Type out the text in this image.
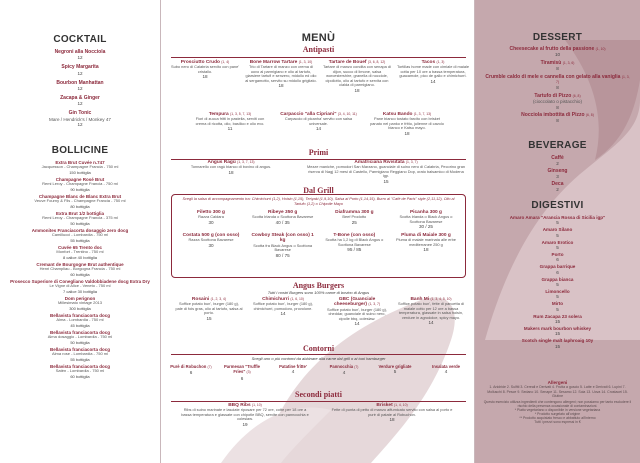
COCKTAIL
Negroni alla Nocciola
12
Spicy Margarita
12
Bourbon Manhattan
12
Zacapa & Ginger
12
Gin Tonic
Mare / Hendrick's / Monkey 47
12
BOLLICINE
Extra Brut Cuvée n.747
Jacquesson - Champagne Francia - 750 ml
150 bottiglia
Champagne Rosé Brut
Remi Leroy - Champagne Francia - 750 ml
90 bottiglia
Champagne Blanc de Blanc Extra Brut
Veuve Fourny & Fils - Champagne Francia - 750 ml
80 bottiglia
Extra Brut 1/2 bottiglia
Remi Leroy - Champagne Francia - 375 ml
50 bottiglia
Ammonites Franciacorta dosaggio zero docg
Camillucci - Lombardia - 750 ml
55 bottiglia
Cuvée 65 Trento doc
Monfort - Trentino - 750 ml
8 calice 40 bottiglia
Cremant de Bourgogne Brut authentique
Henri Champliau - Borgogna Francia - 750 ml
60 bottiglia
Prosecco Superiore di Conegliano Valdobbiadene docg Extra Dry
Le Vigne di Alice - Veneto - 750 ml
7 calice 30 bottiglia
Dom perignon
Millesimato vintage 2013
300 bottiglia
Bellavista franciacorta docg
Alma - Lombardia - 750 ml
45 bottiglia
Bellavista franciacorta docg
Alma dosaggio - Lombardia - 750 ml
50 bottiglia
Bellavista franciacorta docg
Alma rose - Lombardia - 750 ml
55 bottiglia
Bellavista franciacorta docg
Satèn - Lombardia - 750 ml
60 bottiglia
MENÙ
Antipasti
Prosciutto Crudo (1, 4)
Subo nero di Calabria servito con pane' cristallo.
18
Bone Marrow Tartare (1, 3, 10)
Trio di Tartare di manzo con crema di uovo al parmigiano e olio al tartufo, giarsiere tartufi e senzero, midollo ed olio al sergamotto, servito su midollo grigliato.
18
Tartare de Bouef (3, 6, 8, 12)
Tartare di manzo condita con senapa di dijon, succo di limone, salsa worcestershire, granella di nocciole, cipollotto, olio al tartufo e servita con cialda di parmigiano.
18
Tacos (1, 3)
Tortillas home made con cimiale di maiale cotta per 10 ore a bassa temperatura, guacamole, pico de gallo e chimichurri.
14
Tempura (1, 3, 5, 7, 13)
Fiori di zucca fritti in pastella, serviti con crema di ricotta, olio, basilico e olio evo.
11
Carpaccio "alla Cipriani" (3, 4, 10, 11)
Carpaccio di picanha' servito con salsa universale.
14
Katsu Bando (1, 3, 7, 13)
Pane bianco tostato farcito con brisket panato nel panko e fritto, julienne di cavolo bianco e Katsu mayo.
18
Primi
Angus Ragù (1, 3, 7, 13)
Tonnarello con ragù bianco di bovino di angus.
18
Amatriciana Rivisitata (1, 3, 7)
Mezze maniche, pomodori San Marzano, guanciale di suino nero di Calabria, Pecorino gran riserva di Nagj 12 mesi di Castello, Parmigiano Reggiano Dop, orato balsamico di Modena igp.
15
Dal Grill
Scegli la salsa di accompagnamento tra: Chimichurri (1,2), Hoisin (1,15), Teriyaki (1,9,10), Salsa al Porto (1,14,15), Burro al "Café de Paris" style (2,11,12), Olio al Tartufo (1,2) o Chipotle Mayo
Filetto 300 g
Razza Caldara
30
Ribeye 350 g
Scotta Irlanda o Scottona Bavarese
40 / 35
Diaframma 300 g
Beef Prodotto
25
Picanha 300 g
Scotta Irlanda o Black Angus o Scottona Bavarese
30 / 25
Costata 500 g (con osso)
Razza Scottona Bavarese
30
Cowboy Steak (con osso) 1 kg
Scotta fra Black Angus o Scottona Bavarese
80 / 75
T-Bone (con osso)
Scotta ha 1,2 kg di Black Angus o Scottona Bavarese
95 / 85
Pluma di Maiale 300 g
Pluma di maiale marinata alle erbe mediterranee 250 g
18
Angus Burgers
Tutti i nostri Burgers sono 100% carne di bovino di Angus
Rosaini (1, 2, 3, 4)
Soffice potato bun', burger (180 g), pale di fois gras, olio al tartufo, salsa al porto.
15
Chimichurri (1, 6, 10)
Soffice potato bun', burger (180 g), chimichurri, pomodoro, provolone.
14
GBC (Guanciale cheeseburger) (1, 3, 7)
Soffice potato bun', burger (180 g), cheddar, guanciale di suino nero, cipolle bbq, coleslaw.
14
Banh Mi (1, 3, 4, 5, 10)
Soffice potato bun', fette di pancetta di maiale cotto per 12 ore a bassa temperatura, glassate in salsa hoisin, verdure in agrodolce, spicy mayo.
14
Contorni
Scegli uno o più contorni da abbinare alla carne dal grill o ai tuoi hamburger
Purè di Robuchon (7)
6
Parmesan "Truffle Fries" (3)
6
Patatine fritte'
4
Pannocchia (7)
4
Verdure grigliate
5
Insalata verde
4
Secondi piatti
BBQ Ribs (1, 10)
Ribs di suino marinate e lasciate riposare per 72 ore, cotte per 18 ore a bassa temperatura e glassate con chipotle BBQ, servite con pannocchia e coleslaw.
19
Brisket (1, 4, 10)
Fette di punta di petto di manzo affumicato servito con salsa al porto e purè di patate al Robuchon.
18
DESSERT
Cheesecake al frutto della passione (1, 10)
10
Tiramisù (1, 3, 6)
8
Crumble caldo di mele e cannella con gelato alla vaniglia (1, 3, 7)
8
Tartufo di Pizzo (6, 8)
(cioccolato o pistacchio)
8
Nocciola imbottita di Pizzo (6, 8)
8
BEVERAGE
Caffè
2
Ginseng
3
Deca
2
DIGESTIVI
Amaro Amara "Arancia Rossa di Sicilia igp"
5
Amaro Silano
5
Amaro Erotico
5
Porto
6
Grappa barrique
6
Grappa bianca
5
Limoncello
5
Mirto
5
Rum Zacapa 23 solera
15
Makers mark bourbon whiskey
15
Scotch single malt laphroaig 10y
15
Allergeni
1. Anidride 2. Sulfiti 3. Cereali e Derivati 4. Frutta a guscio 5. Latte e Derivati 6. Lupini 7. Molluschi 8. Pesce 9. Sedano 10. Senape 11. Sesamo 12. Soia 13. Uova 14. Crostacei 15. Glutine
Questo esercizio utilizza ingredienti che contengono allergeni; non possiamo per tanto escludere il rischio della presenza occasionale di contaminazioni.
* Piatto vegetariano o disponibile in versione vegetariana
* Prodotto surgelato all'origine
** Prodotto acquistato fresco e abbattuto all'interno
Tutti i prezzi sono espressi in €
